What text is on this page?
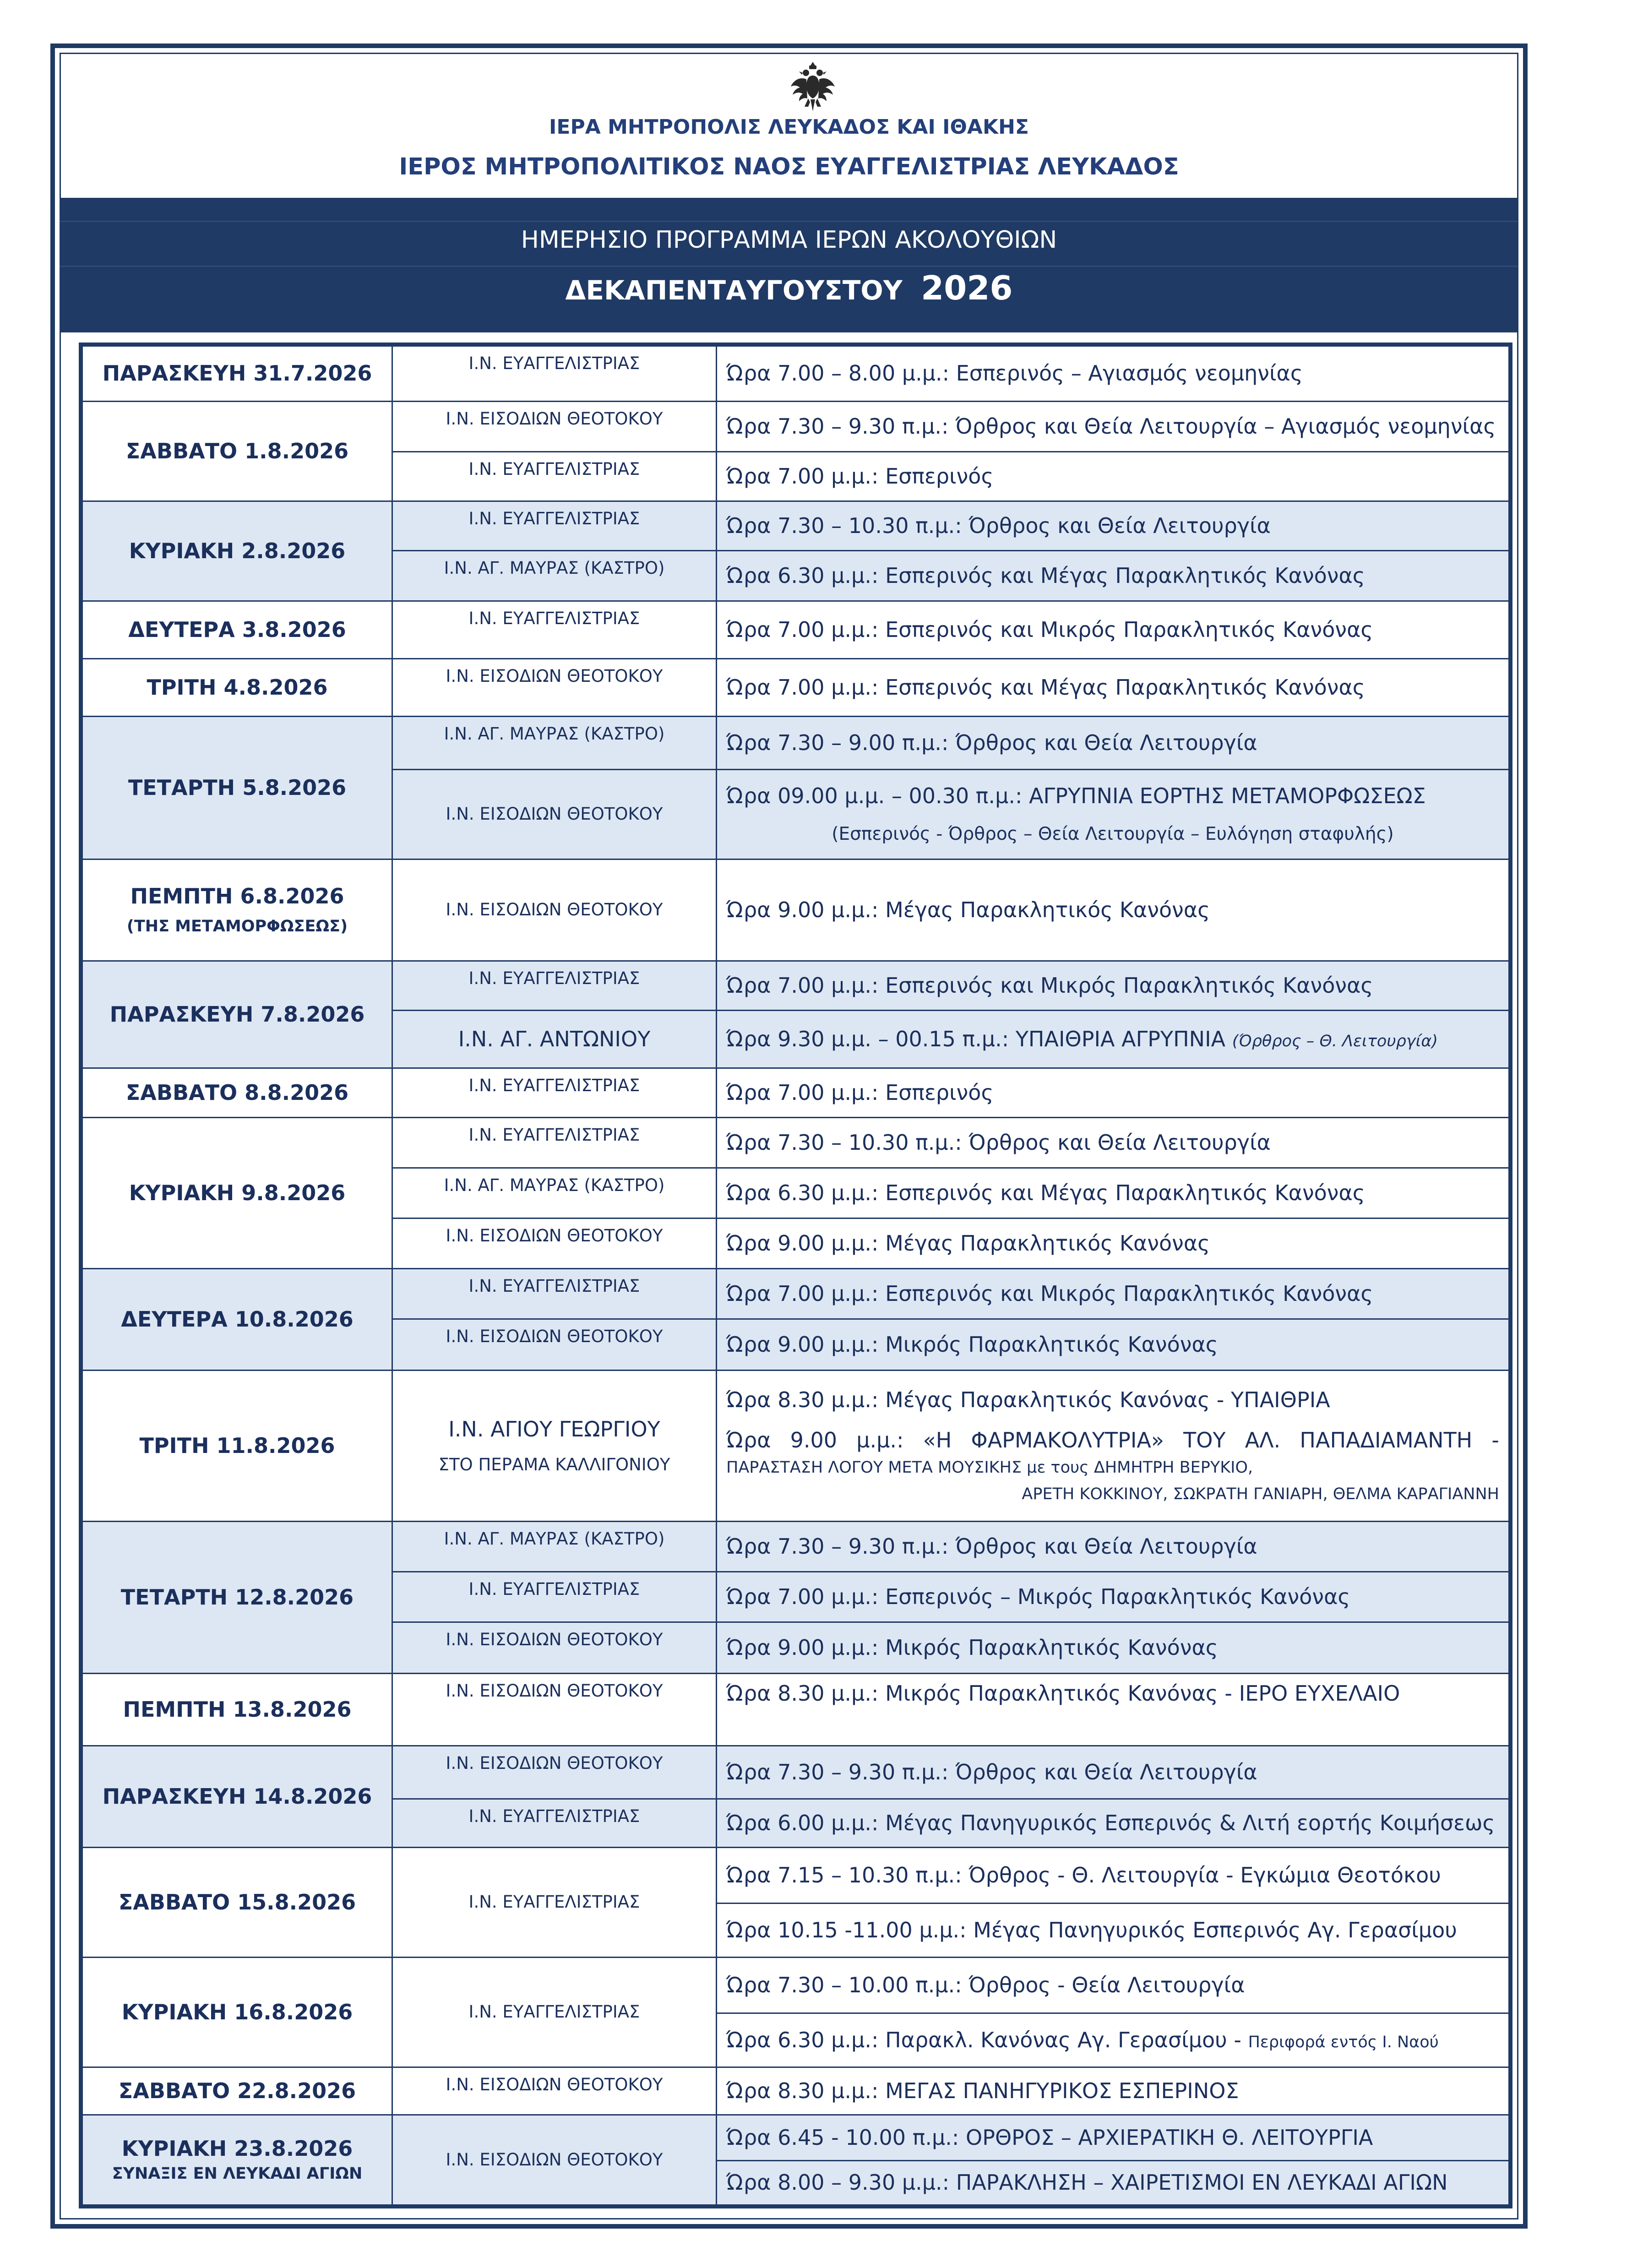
ΙΕΡΑ ΜΗΤΡΟΠΟΛΙΣ ΛΕΥΚΑΔΟΣ ΚΑΙ ΙΘΑΚΗΣ
ΙΕΡΟΣ ΜΗΤΡΟΠΟΛΙΤΙΚΟΣ ΝΑΟΣ ΕΥΑΓΓΕΛΙΣΤΡΙΑΣ ΛΕΥΚΑΔΟΣ
ΗΜΕΡΗΣΙΟ ΠΡΟΓΡΑΜΜΑ ΙΕΡΩΝ ΑΚΟΛΟΥΘΙΩΝ
ΔΕΚΑΠΕΝΤΑΥΓΟΥΣΤΟΥ 2026
ΠΑΡΑΣΚΕΥΗ 31.7.2026	Ι.Ν. ΕΥΑΓΓΕΛΙΣΤΡΙΑΣ	Ώρα 7.00 – 8.00 μ.μ.: Εσπερινός – Αγιασμός νεομηνίας
ΣΑΒΒΑΤΟ 1.8.2026	Ι.Ν. ΕΙΣΟΔΙΩΝ ΘΕΟΤΟΚΟΥ	Ώρα 7.30 – 9.30 π.μ.: Όρθρος και Θεία Λειτουργία – Αγιασμός νεομηνίας
	Ι.Ν. ΕΥΑΓΓΕΛΙΣΤΡΙΑΣ	Ώρα 7.00 μ.μ.: Εσπερινός
ΚΥΡΙΑΚΗ 2.8.2026	Ι.Ν. ΕΥΑΓΓΕΛΙΣΤΡΙΑΣ	Ώρα 7.30 – 10.30 π.μ.: Όρθρος και Θεία Λειτουργία
	Ι.Ν. ΑΓ. ΜΑΥΡΑΣ (ΚΑΣΤΡΟ)	Ώρα 6.30 μ.μ.: Εσπερινός και Μέγας Παρακλητικός Κανόνας
ΔΕΥΤΕΡΑ 3.8.2026	Ι.Ν. ΕΥΑΓΓΕΛΙΣΤΡΙΑΣ	Ώρα 7.00 μ.μ.: Εσπερινός και Μικρός Παρακλητικός Κανόνας
ΤΡΙΤΗ 4.8.2026	Ι.Ν. ΕΙΣΟΔΙΩΝ ΘΕΟΤΟΚΟΥ	Ώρα 7.00 μ.μ.: Εσπερινός και Μέγας Παρακλητικός Κανόνας
ΤΕΤΑΡΤΗ 5.8.2026	Ι.Ν. ΑΓ. ΜΑΥΡΑΣ (ΚΑΣΤΡΟ)	Ώρα 7.30 – 9.00 π.μ.: Όρθρος και Θεία Λειτουργία
	Ι.Ν. ΕΙΣΟΔΙΩΝ ΘΕΟΤΟΚΟΥ	Ώρα 09.00 μ.μ. – 00.30 π.μ.: ΑΓΡΥΠΝΙΑ ΕΟΡΤΗΣ ΜΕΤΑΜΟΡΦΩΣΕΩΣ
(Εσπερινός - Όρθρος – Θεία Λειτουργία – Ευλόγηση σταφυλής)

ΠΕΜΠΤΗ 6.8.2026
(ΤΗΣ ΜΕΤΑΜΟΡΦΩΣΕΩΣ)	Ι.Ν. ΕΙΣΟΔΙΩΝ ΘΕΟΤΟΚΟΥ	Ώρα 9.00 μ.μ.: Μέγας Παρακλητικός Κανόνας
ΠΑΡΑΣΚΕΥΗ 7.8.2026	Ι.Ν. ΕΥΑΓΓΕΛΙΣΤΡΙΑΣ	Ώρα 7.00 μ.μ.: Εσπερινός και Μικρός Παρακλητικός Κανόνας
	Ι.Ν. ΑΓ. ΑΝΤΩΝΙΟΥ	Ώρα 9.30 μ.μ. – 00.15 π.μ.: ΥΠΑΙΘΡΙΑ ΑΓΡΥΠΝΙΑ (Όρθρος – Θ. Λειτουργία)
ΣΑΒΒΑΤΟ 8.8.2026	Ι.Ν. ΕΥΑΓΓΕΛΙΣΤΡΙΑΣ	Ώρα 7.00 μ.μ.: Εσπερινός
ΚΥΡΙΑΚΗ 9.8.2026	Ι.Ν. ΕΥΑΓΓΕΛΙΣΤΡΙΑΣ	Ώρα 7.30 – 10.30 π.μ.: Όρθρος και Θεία Λειτουργία
	Ι.Ν. ΑΓ. ΜΑΥΡΑΣ (ΚΑΣΤΡΟ)	Ώρα 6.30 μ.μ.: Εσπερινός και Μέγας Παρακλητικός Κανόνας
	Ι.Ν. ΕΙΣΟΔΙΩΝ ΘΕΟΤΟΚΟΥ	Ώρα 9.00 μ.μ.: Μέγας Παρακλητικός Κανόνας
ΔΕΥΤΕΡΑ 10.8.2026	Ι.Ν. ΕΥΑΓΓΕΛΙΣΤΡΙΑΣ	Ώρα 7.00 μ.μ.: Εσπερινός και Μικρός Παρακλητικός Κανόνας
	Ι.Ν. ΕΙΣΟΔΙΩΝ ΘΕΟΤΟΚΟΥ	Ώρα 9.00 μ.μ.: Μικρός Παρακλητικός Κανόνας
ΤΡΙΤΗ 11.8.2026	Ι.Ν. ΑΓΙΟΥ ΓΕΩΡΓΙΟΥ
ΣΤΟ ΠΕΡΑΜΑ ΚΑΛΛΙΓΟΝΙΟΥ	Ώρα 8.30 μ.μ.: Μέγας Παρακλητικός Κανόνας - ΥΠΑΙΘΡΙΑ
Ώρα 9.00 μ.μ.: «Η ΦΑΡΜΑΚΟΛΥΤΡΙΑ» ΤΟΥ ΑΛ. ΠΑΠΑΔΙΑΜΑΝΤΗ -
ΠΑΡΑΣΤΑΣΗ ΛΟΓΟΥ ΜΕΤΑ ΜΟΥΣΙΚΗΣ με τους ΔΗΜΗΤΡΗ ΒΕΡΥΚΙΟ,
ΑΡΕΤΗ ΚΟΚΚΙΝΟΥ, ΣΩΚΡΑΤΗ ΓΑΝΙΑΡΗ, ΘΕΛΜΑ ΚΑΡΑΓΙΑΝΝΗ

ΤΕΤΑΡΤΗ 12.8.2026	Ι.Ν. ΑΓ. ΜΑΥΡΑΣ (ΚΑΣΤΡΟ)	Ώρα 7.30 – 9.30 π.μ.: Όρθρος και Θεία Λειτουργία
	Ι.Ν. ΕΥΑΓΓΕΛΙΣΤΡΙΑΣ	Ώρα 7.00 μ.μ.: Εσπερινός – Μικρός Παρακλητικός Κανόνας
	Ι.Ν. ΕΙΣΟΔΙΩΝ ΘΕΟΤΟΚΟΥ	Ώρα 9.00 μ.μ.: Μικρός Παρακλητικός Κανόνας
ΠΕΜΠΤΗ 13.8.2026	Ι.Ν. ΕΙΣΟΔΙΩΝ ΘΕΟΤΟΚΟΥ	Ώρα 8.30 μ.μ.: Μικρός Παρακλητικός Κανόνας - ΙΕΡΟ ΕΥΧΕΛΑΙΟ
ΠΑΡΑΣΚΕΥΗ 14.8.2026	Ι.Ν. ΕΙΣΟΔΙΩΝ ΘΕΟΤΟΚΟΥ	Ώρα 7.30 – 9.30 π.μ.: Όρθρος και Θεία Λειτουργία
	Ι.Ν. ΕΥΑΓΓΕΛΙΣΤΡΙΑΣ	Ώρα 6.00 μ.μ.: Μέγας Πανηγυρικός Εσπερινός & Λιτή εορτής Κοιμήσεως
ΣΑΒΒΑΤΟ 15.8.2026	Ι.Ν. ΕΥΑΓΓΕΛΙΣΤΡΙΑΣ	Ώρα 7.15 – 10.30 π.μ.: Όρθρος - Θ. Λειτουργία - Εγκώμια Θεοτόκου
		Ώρα 10.15 -11.00 μ.μ.: Μέγας Πανηγυρικός Εσπερινός Αγ. Γερασίμου
ΚΥΡΙΑΚΗ 16.8.2026	Ι.Ν. ΕΥΑΓΓΕΛΙΣΤΡΙΑΣ	Ώρα 7.30 – 10.00 π.μ.: Όρθρος - Θεία Λειτουργία
		Ώρα 6.30 μ.μ.: Παρακλ. Κανόνας Αγ. Γερασίμου - Περιφορά εντός Ι. Ναού
ΣΑΒΒΑΤΟ 22.8.2026	Ι.Ν. ΕΙΣΟΔΙΩΝ ΘΕΟΤΟΚΟΥ	Ώρα 8.30 μ.μ.: ΜΕΓΑΣ ΠΑΝΗΓΥΡΙΚΟΣ ΕΣΠΕΡΙΝΟΣ
ΚΥΡΙΑΚΗ 23.8.2026
ΣΥΝΑΞΙΣ ΕΝ ΛΕΥΚΑΔΙ ΑΓΙΩΝ	Ι.Ν. ΕΙΣΟΔΙΩΝ ΘΕΟΤΟΚΟΥ	Ώρα 6.45 - 10.00 π.μ.: ΟΡΘΡΟΣ – ΑΡΧΙΕΡΑΤΙΚΗ Θ. ΛΕΙΤΟΥΡΓΙΑ
		Ώρα 8.00 – 9.30 μ.μ.: ΠΑΡΑΚΛΗΣΗ – ΧΑΙΡΕΤΙΣΜΟΙ ΕΝ ΛΕΥΚΑΔΙ ΑΓΙΩΝ
